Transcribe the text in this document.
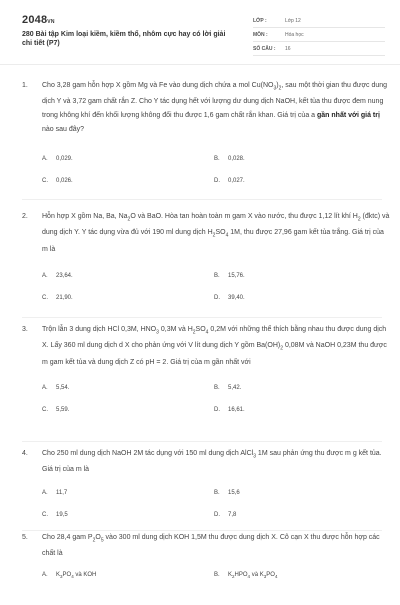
2048VN
280 Bài tập Kim loại kiềm, kiềm thổ, nhôm cực hay có lời giải chi tiết (P7)
LỚP :	Lớp 12
MÔN :	Hóa học
SỐ CÂU :	16
1.	Cho 3,28 gam hỗn hợp X gồm Mg và Fe vào dung dịch chứa a mol $Cu(NO_3)_2$, sau một thời gian thu được dung dịch Y và 3,72 gam chất rắn Z. Cho Y tác dụng hết với lượng dư dung dịch NaOH, kết tủa thu được đem nung trong không khí đến khối lượng không đổi thu được 1,6 gam chất rắn khan. Giá trị của a gần nhất với giá trị nào sau đây?
A. 0,029.	B. 0,028.
C. 0,026.	D. 0,027.
2.	Hỗn hợp X gồm Na, Ba, $Na_2O$ và BaO. Hòa tan hoàn toàn m gam X vào nước, thu được 1,12 lít khí $H_2$ (đktc) và dung dịch Y. Y tác dụng vừa đủ với 190 ml dung dịch $H_2SO_4$ 1M, thu được 27,96 gam kết tủa trắng. Giá trị của m là
A. 23,64.	B. 15,76.
C. 21,90.	D. 39,40.
3.	Trộn lẫn 3 dung dịch HCl 0,3M, $HNO_3$ 0,3M và $H_2SO_4$ 0,2M với những thể thích bằng nhau thu được dung dịch X. Lấy 360 ml dung dịch d X cho phản ứng với V lít dung dịch Y gồm $Ba(OH)_2$ 0,08M và NaOH 0,23M thu được m gam kết tủa và dung dịch Z có pH = 2. Giá trị của m gần nhất với
A. 5,54.	B. 5,42.
C. 5,59.	D. 16,61.
4.	Cho 250 ml dung dịch NaOH 2M tác dụng với 150 ml dung dịch AlCl$_3$ 1M sau phản ứng thu được m g kết tủa. Giá trị của m là
A. 11,7	B. 15,6
C. 19,5	D. 7,8
5.	Cho 28,4 gam $P_2O_5$ vào 300 ml dung dịch KOH 1,5M thu được dung dịch X. Cô cạn X thu được hỗn hợp các chất là
A. $K_3PO_4$ và KOH	B. $K_2HPO_4$ và $K_3PO_4$
